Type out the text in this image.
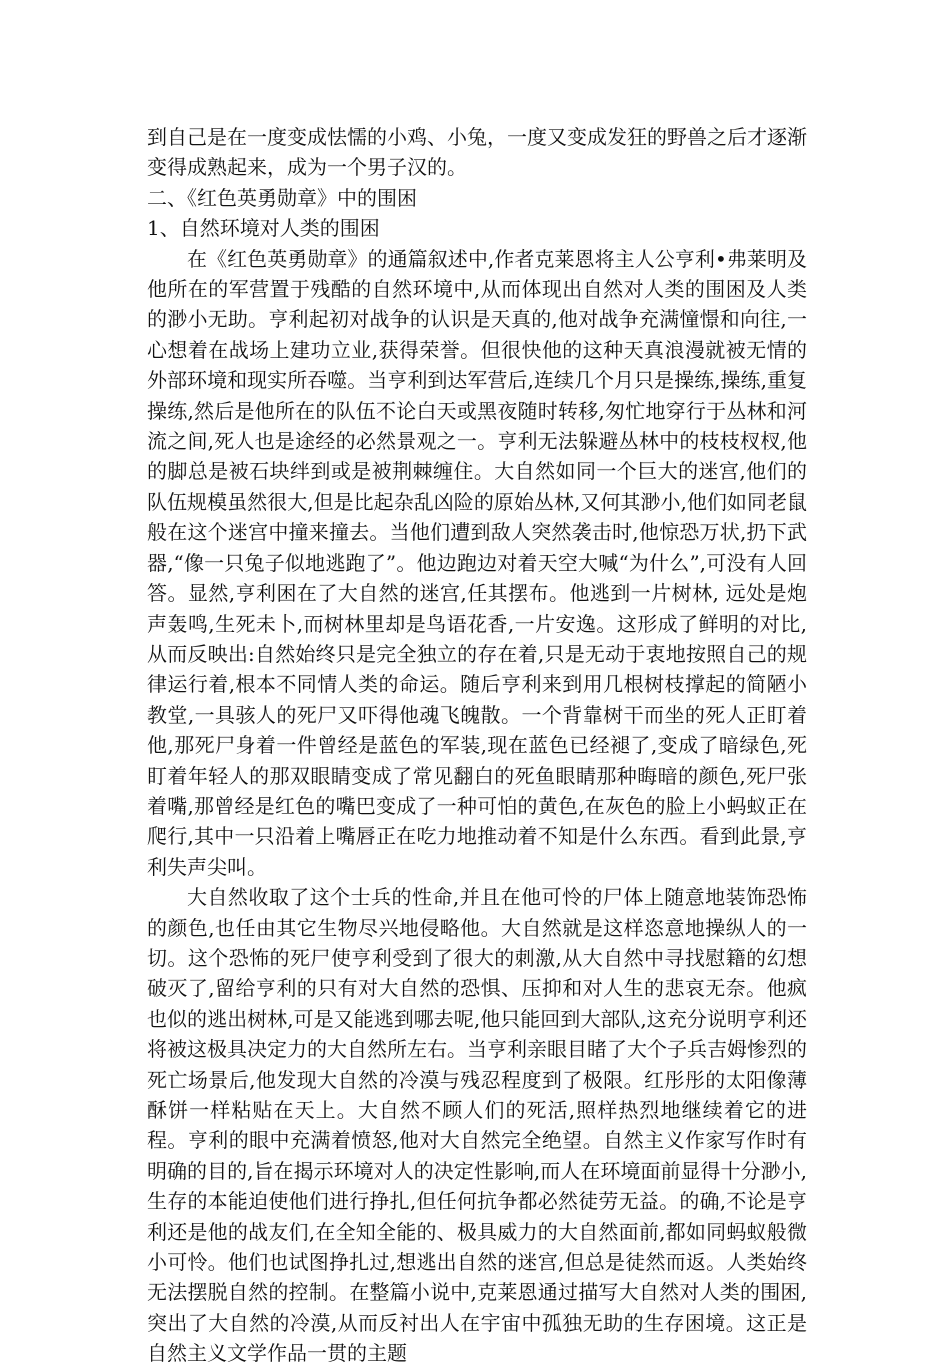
到自己是在一度变成怯懦的小鸡、小兔，一度又变成发狂的野兽之后才逐渐变得成熟起来，成为一个男子汉的。

二、《红色英勇勋章》中的围困

1、自然环境对人类的围困

在《红色英勇勋章》的通篇叙述中,作者克莱恩将主人公亨利•弗莱明及他所在的军营置于残酷的自然环境中,从而体现出自然对人类的围困及人类的渺小无助。亨利起初对战争的认识是天真的,他对战争充满憧憬和向往,一心想着在战场上建功立业,获得荣誉。但很快他的这种天真浪漫就被无情的外部环境和现实所吞噬。当亨利到达军营后,连续几个月只是操练,操练,重复操练,然后是他所在的队伍不论白天或黑夜随时转移,匆忙地穿行于丛林和河流之间,死人也是途经的必然景观之一。亨利无法躲避丛林中的枝枝杈杈,他的脚总是被石块绊到或是被荆棘缠住。大自然如同一个巨大的迷宫,他们的队伍规模虽然很大,但是比起杂乱凶险的原始丛林,又何其渺小,他们如同老鼠般在这个迷宫中撞来撞去。当他们遭到敌人突然袭击时,他惊恐万状,扔下武器,“像一只兔子似地逃跑了”。他边跑边对着天空大喊“为什么”,可没有人回答。显然,亨利困在了大自然的迷宫,任其摆布。他逃到一片树林, 远处是炮声轰鸣,生死未卜,而树林里却是鸟语花香,一片安逸。这形成了鲜明的对比,从而反映出:自然始终只是完全独立的存在着,只是无动于衷地按照自己的规律运行着,根本不同情人类的命运。随后亨利来到用几根树枝撑起的简陋小教堂,一具骇人的死尸又吓得他魂飞魄散。一个背靠树干而坐的死人正盯着他,那死尸身着一件曾经是蓝色的军装,现在蓝色已经褪了,变成了暗绿色,死盯着年轻人的那双眼睛变成了常见翻白的死鱼眼睛那种晦暗的颜色,死尸张着嘴,那曾经是红色的嘴巴变成了一种可怕的黄色,在灰色的脸上小蚂蚁正在爬行,其中一只沿着上嘴唇正在吃力地推动着不知是什么东西。看到此景,亨利失声尖叫。

大自然收取了这个士兵的性命,并且在他可怜的尸体上随意地装饰恐怖的颜色,也任由其它生物尽兴地侵略他。大自然就是这样恣意地操纵人的一切。这个恐怖的死尸使亨利受到了很大的刺激,从大自然中寻找慰籍的幻想破灭了,留给亨利的只有对大自然的恐惧、压抑和对人生的悲哀无奈。他疯也似的逃出树林,可是又能逃到哪去呢,他只能回到大部队,这充分说明亨利还将被这极具决定力的大自然所左右。当亨利亲眼目睹了大个子兵吉姆惨烈的死亡场景后,他发现大自然的冷漠与残忍程度到了极限。红彤彤的太阳像薄酥饼一样粘贴在天上。大自然不顾人们的死活,照样热烈地继续着它的进程。亨利的眼中充满着愤怒,他对大自然完全绝望。自然主义作家写作时有明确的目的,旨在揭示环境对人的决定性影响,而人在环境面前显得十分渺小,生存的本能迫使他们进行挣扎,但任何抗争都必然徒劳无益。的确,不论是亨利还是他的战友们,在全知全能的、极具威力的大自然面前,都如同蚂蚁般微小可怜。他们也试图挣扎过,想逃出自然的迷宫,但总是徒然而返。人类始终无法摆脱自然的控制。在整篇小说中,克莱恩通过描写大自然对人类的围困,突出了大自然的冷漠,从而反衬出人在宇宙中孤独无助的生存困境。这正是自然主义文学作品一贯的主题
